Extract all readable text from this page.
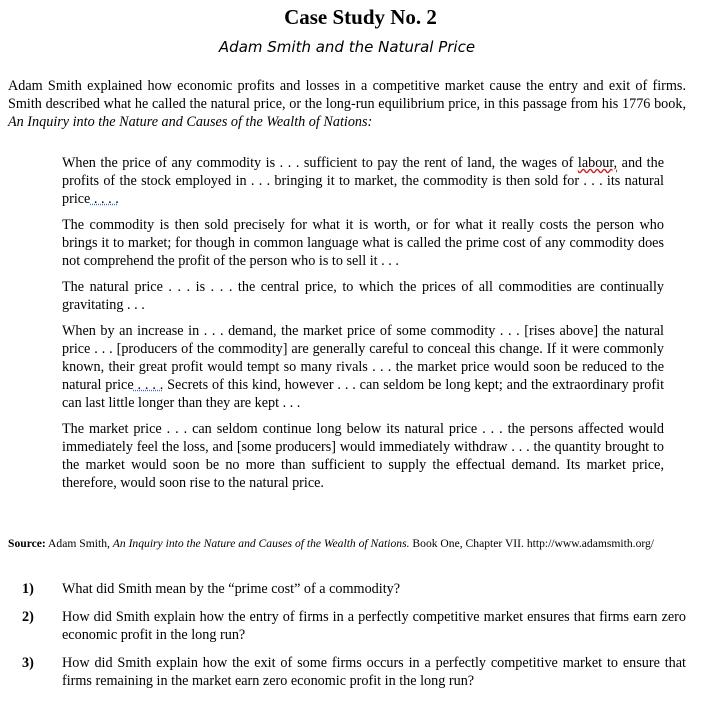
Case Study No. 2
Adam Smith and the Natural Price

Adam Smith explained how economic profits and losses in a competitive market cause the entry and exit of firms. Smith described what he called the natural price, or the long-run equilibrium price, in this passage from his 1776 book, An Inquiry into the Nature and Causes of the Wealth of Nations:

When the price of any commodity is . . . sufficient to pay the rent of land, the wages of labour, and the profits of the stock employed in . . . bringing it to market, the commodity is then sold for . . . its natural price . . . .

The commodity is then sold precisely for what it is worth, or for what it really costs the person who brings it to market; for though in common language what is called the prime cost of any commodity does not comprehend the profit of the person who is to sell it . . .

The natural price . . . is . . . the central price, to which the prices of all commodities are continually gravitating . . .

When by an increase in . . . demand, the market price of some commodity . . . [rises above] the natural price . . . [producers of the commodity] are generally careful to conceal this change. If it were commonly known, their great profit would tempt so many rivals . . . the market price would soon be reduced to the natural price . . . . Secrets of this kind, however . . . can seldom be long kept; and the extraordinary profit can last little longer than they are kept . . .

The market price . . . can seldom continue long below its natural price . . . the persons affected would immediately feel the loss, and [some producers] would immediately withdraw . . . the quantity brought to the market would soon be no more than sufficient to supply the effectual demand. Its market price, therefore, would soon rise to the natural price.

Source: Adam Smith, An Inquiry into the Nature and Causes of the Wealth of Nations. Book One, Chapter VII. http://www.adamsmith.org/

1) What did Smith mean by the “prime cost” of a commodity?
2) How did Smith explain how the entry of firms in a perfectly competitive market ensures that firms earn zero economic profit in the long run?
3) How did Smith explain how the exit of some firms occurs in a perfectly competitive market to ensure that firms remaining in the market earn zero economic profit in the long run?
